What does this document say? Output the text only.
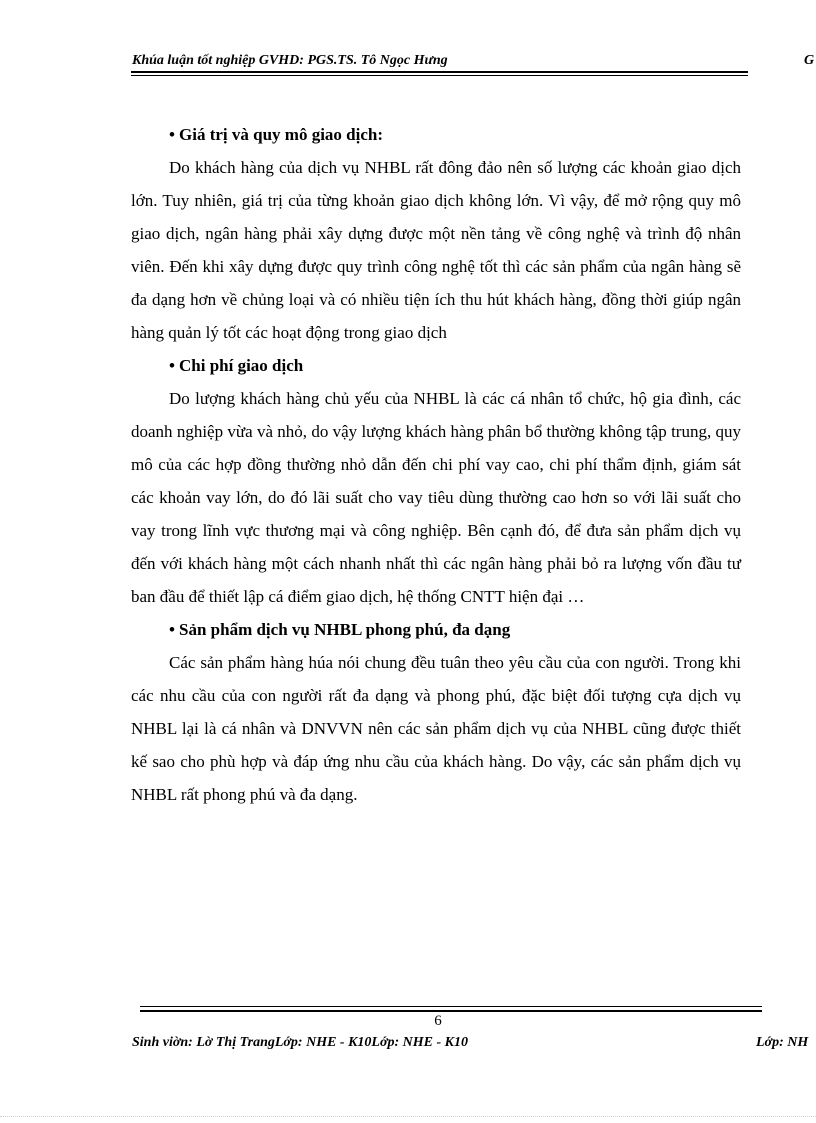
Khúa luận tốt nghiệp GVHD: PGS.TS. Tô Ngọc Hưng	G

• Giá trị và quy mô giao dịch:

Do khách hàng của dịch vụ NHBL rất đông đảo nên số lượng các khoản giao dịch lớn. Tuy nhiên, giá trị của từng khoản giao dịch không lớn. Vì vậy, để mở rộng quy mô giao dịch, ngân hàng phải xây dựng được một nền tảng về công nghệ và trình độ nhân viên. Đến khi xây dựng được quy trình công nghệ tốt thì các sản phẩm của ngân hàng sẽ đa dạng hơn về chủng loại và có nhiều tiện ích thu hút khách hàng, đồng thời giúp ngân hàng quản lý tốt các hoạt động trong giao dịch

• Chi phí giao dịch

Do lượng khách hàng chủ yếu của NHBL là các cá nhân tổ chức, hộ gia đình, các doanh nghiệp vừa và nhỏ, do vậy lượng khách hàng phân bổ thường không tập trung, quy mô của các hợp đồng thường nhỏ dẫn đến chi phí vay cao, chi phí thẩm định, giám sát các khoản vay lớn, do đó lãi suất cho vay tiêu dùng thường cao hơn so với lãi suất cho vay trong lĩnh vực thương mại và công nghiệp. Bên cạnh đó, để đưa sản phẩm dịch vụ đến với khách hàng một cách nhanh nhất thì các ngân hàng phải bỏ ra lượng vốn đầu tư ban đầu để thiết lập cá điểm giao dịch, hệ thống CNTT hiện đại …

• Sản phẩm dịch vụ NHBL phong phú, đa dạng

Các sản phẩm hàng húa nói chung đều tuân theo yêu cầu của con người. Trong khi các nhu cầu của con người rất đa dạng và phong phú, đặc biệt đối tượng cựa dịch vụ NHBL lại là cá nhân và DNVVN nên các sản phẩm dịch vụ của NHBL cũng được thiết kế sao cho phù hợp và đáp ứng nhu cầu của khách hàng. Do vậy, các sản phẩm dịch vụ NHBL rất phong phú và đa dạng.

6
Sinh viờn: Lờ Thị TrangLớp: NHE - K10Lớp: NHE - K10	Lớp: NH
